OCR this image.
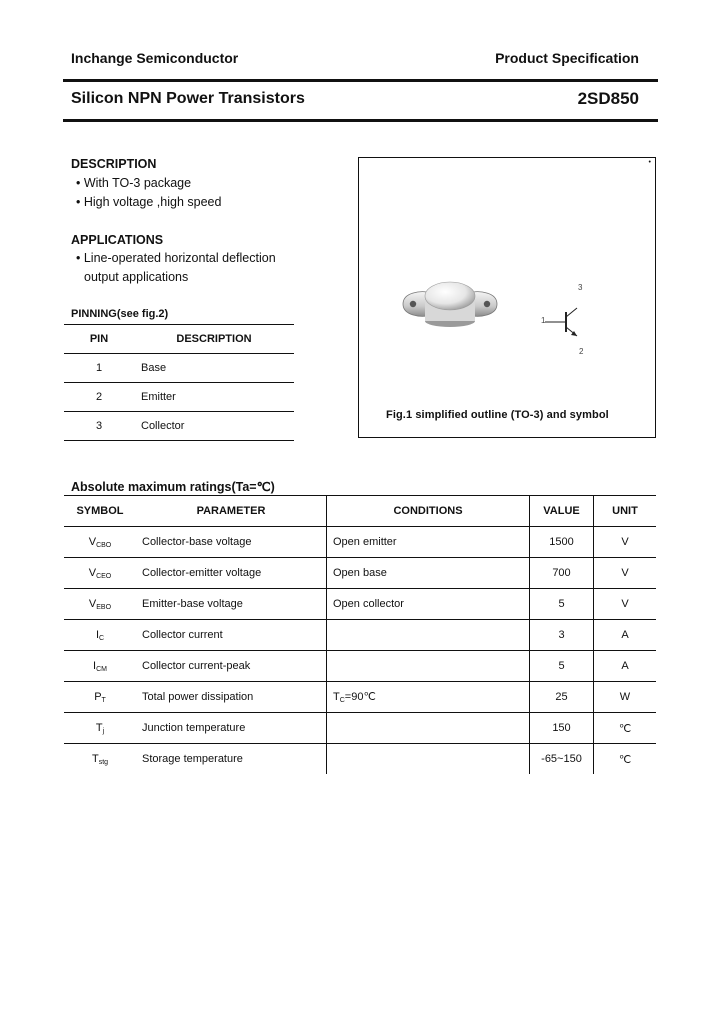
Inchange Semiconductor	Product Specification
Silicon NPN Power Transistors	2SD850
DESCRIPTION
• With TO-3 package
• High voltage ,high speed
APPLICATIONS
• Line-operated horizontal deflection
output applications
PINNING(see fig.2)
PIN	DESCRIPTION
1	Base
2	Emitter
3	Collector
•
3
1
2
Fig.1 simplified outline (TO-3) and symbol
Absolute maximum ratings(Ta=℃)
SYMBOL	PARAMETER	CONDITIONS	VALUE	UNIT
$V_{CBO}$	Collector-base voltage	Open emitter	1500	V
$V_{CEO}$	Collector-emitter voltage	Open base	700	V
$V_{EBO}$	Emitter-base voltage	Open collector	5	V
$I_C$	Collector current		3	A
$I_{CM}$	Collector current-peak		5	A
$P_T$	Total power dissipation	$T_C=90℃$	25	W
$T_j$	Junction temperature		150	℃
$T_{stg}$	Storage temperature		-65~150	℃
